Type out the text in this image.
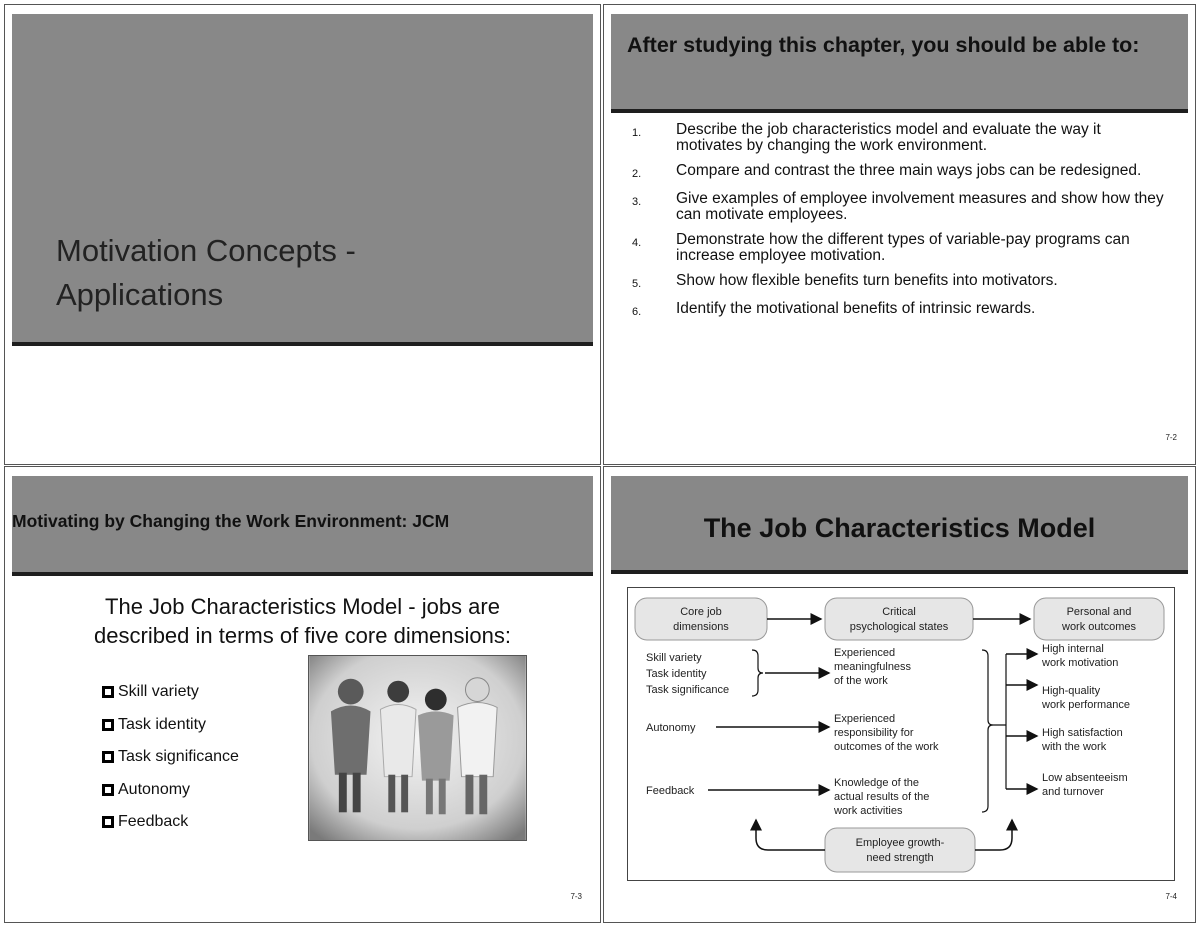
Motivation Concepts -
Applications
After studying this chapter, you should be able to:
1.	Describe the job characteristics model and evaluate the way it motivates by changing the work environment.
2.	Compare and contrast the three main ways jobs can be redesigned.
3.	Give examples of employee involvement measures and show how they can motivate employees.
4.	Demonstrate how the different types of variable-pay programs can increase employee motivation.
5.	Show how flexible benefits turn benefits into motivators.
6.	Identify the motivational benefits of intrinsic rewards.
7-2
Motivating by Changing the Work Environment: JCM
The Job Characteristics Model - jobs are
described in terms of five core dimensions:
Skill variety
Task identity
Task significance
Autonomy
Feedback
7-3
The Job Characteristics Model
Core job
dimensions
Critical
psychological states
Personal and
work outcomes
Skill variety
Task identity
Task significance
Autonomy
Feedback
Experienced
meaningfulness
of the work
Experienced
responsibility for
outcomes of the work
Knowledge of the
actual results of the
work activities
High internal
work motivation
High-quality
work performance
High satisfaction
with the work
Low absenteeism
and turnover
Employee growth-
need strength
7-4
